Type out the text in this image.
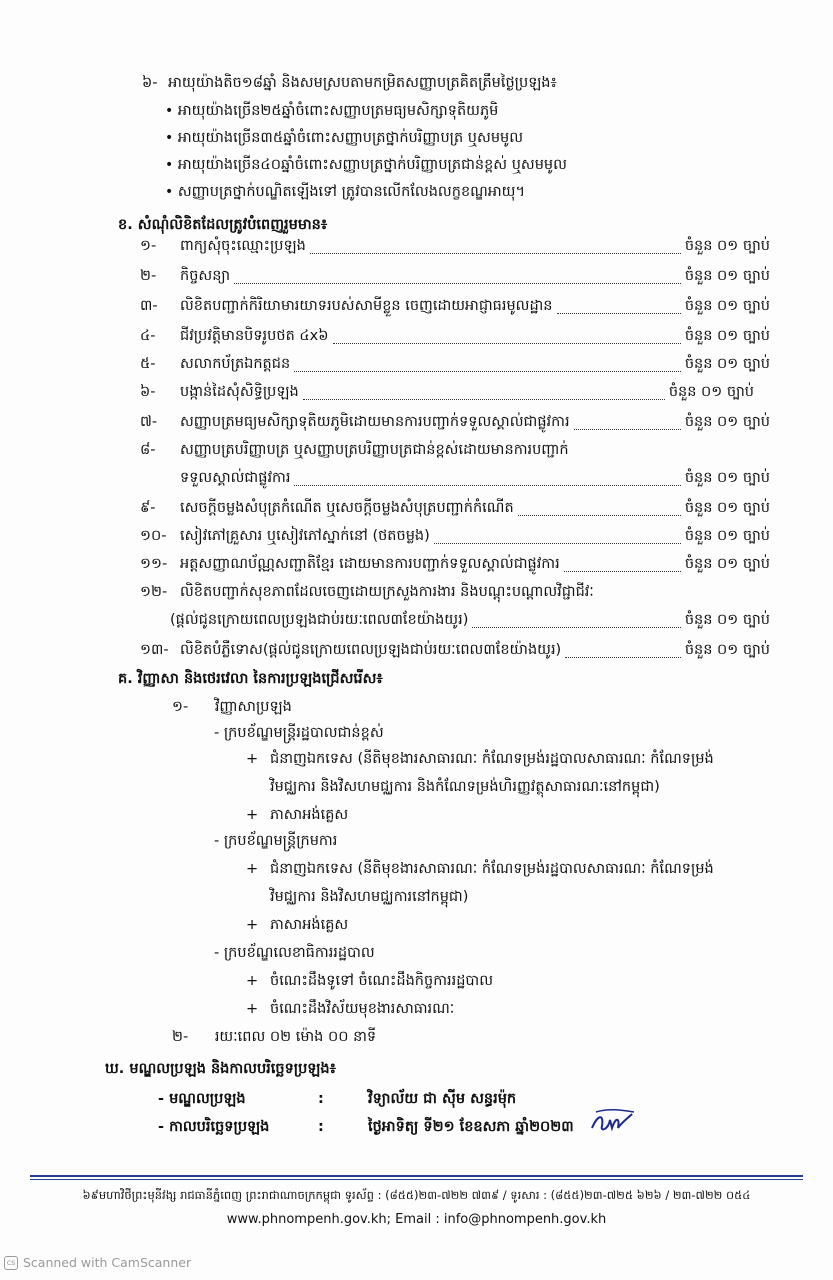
៦- អាយុយ៉ាងតិច១៨ឆ្នាំ និងសមស្របតាមកម្រិតសញ្ញាបត្រគិតត្រឹមថ្ងៃប្រឡង៖
• អាយុយ៉ាងច្រើន២៥ឆ្នាំចំពោះសញ្ញាបត្រមធ្យមសិក្សាទុតិយភូមិ
• អាយុយ៉ាងច្រើន៣៥ឆ្នាំចំពោះសញ្ញាបត្រថ្នាក់បរិញ្ញាបត្រ ឬសមមូល
• អាយុយ៉ាងច្រើន៤០ឆ្នាំចំពោះសញ្ញាបត្រថ្នាក់បរិញ្ញាបត្រជាន់ខ្ពស់ ឬសមមូល
• សញ្ញាបត្រថ្នាក់បណ្ឌិតឡើងទៅ ត្រូវបានលើកលែងលក្ខខណ្ឌអាយុ។
ខ. សំណុំលិខិតដែលត្រូវបំពេញរួមមាន៖
១-	ពាក្យសុំចុះឈ្មោះប្រឡង	ចំនួន ០១ ច្បាប់
២-	កិច្ចសន្យា	ចំនួន ០១ ច្បាប់
៣-	លិខិតបញ្ជាក់កិរិយាមារយាទរបស់សាមីខ្លួន ចេញដោយអាជ្ញាធរមូលដ្ឋាន	ចំនួន ០១ ច្បាប់
៤-	ជីវប្រវត្តិមានបិទរូបថត ៤x៦	ចំនួន ០១ ច្បាប់
៥-	សលាកប័ត្រឯកត្តជន	ចំនួន ០១ ច្បាប់
៦-	បង្កាន់ដៃសុំសិទ្ធិប្រឡង	ចំនួន ០១ ច្បាប់
៧-	សញ្ញាបត្រមធ្យមសិក្សាទុតិយភូមិដោយមានការបញ្ជាក់ទទួលស្គាល់ជាផ្លូវការ	ចំនួន ០១ ច្បាប់
៨-	សញ្ញាបត្របរិញ្ញាបត្រ ឬសញ្ញាបត្របរិញ្ញាបត្រជាន់ខ្ពស់ដោយមានការបញ្ជាក់
ទទួលស្គាល់ជាផ្លូវការ	ចំនួន ០១ ច្បាប់
៩-	សេចក្តីចម្លងសំបុត្រកំណើត ឬសេចក្តីចម្លងសំបុត្របញ្ជាក់កំណើត	ចំនួន ០១ ច្បាប់
១០- សៀវភៅគ្រួសារ ឬសៀវភៅស្នាក់នៅ (ថតចម្លង)	ចំនួន ០១ ច្បាប់
១១- អត្តសញ្ញាណប័ណ្ណសញ្ជាតិខ្មែរ ដោយមានការបញ្ជាក់ទទួលស្គាល់ជាផ្លូវការ	ចំនួន ០១ ច្បាប់
១២- លិខិតបញ្ជាក់សុខភាពដែលចេញដោយក្រសួងការងារ និងបណ្តុះបណ្តាលវិជ្ជាជីវៈ
(ផ្តល់ជូនក្រោយពេលប្រឡងជាប់រយៈពេល៣ខែយ៉ាងយូរ)	ចំនួន ០១ ច្បាប់
១៣- លិខិតបំភ្លឺទោស(ផ្តល់ជូនក្រោយពេលប្រឡងជាប់រយៈពេល៣ខែយ៉ាងយូរ)	ចំនួន ០១ ច្បាប់
គ. វិញ្ញាសា និងថេរវេលា នៃការប្រឡងជ្រើសរើស៖
១- វិញ្ញាសាប្រឡង
- ក្របខ័ណ្ឌមន្ត្រីរដ្ឋបាលជាន់ខ្ពស់
+ ជំនាញឯកទេស (នីតិមុខងារសាធារណៈ កំណែទម្រង់រដ្ឋបាលសាធារណៈ កំណែទម្រង់
វិមជ្ឈការ និងវិសហមជ្ឈការ និងកំណែទម្រង់ហិរញ្ញវត្ថុសាធារណៈនៅកម្ពុជា)
+ ភាសាអង់គ្លេស
- ក្របខ័ណ្ឌមន្ត្រីក្រមការ
+ ជំនាញឯកទេស (នីតិមុខងារសាធារណៈ កំណែទម្រង់រដ្ឋបាលសាធារណៈ កំណែទម្រង់
វិមជ្ឈការ និងវិសហមជ្ឈការនៅកម្ពុជា)
+ ភាសាអង់គ្លេស
- ក្របខ័ណ្ឌលេខាធិការរដ្ឋបាល
+ ចំណេះដឹងទូទៅ ចំណេះដឹងកិច្ចការរដ្ឋបាល
+ ចំណេះដឹងវិស័យមុខងារសាធារណៈ
២- រយៈពេល ០២ ម៉ោង ០០ នាទី
ឃ. មណ្ឌលប្រឡង និងកាលបរិច្ឆេទប្រឡង៖
- មណ្ឌលប្រឡង	:	វិទ្យាល័យ ជា ស៊ីម សន្ធរម៉ុក
- កាលបរិច្ឆេទប្រឡង	:	ថ្ងៃអាទិត្យ ទី២១ ខែឧសភា ឆ្នាំ២០២៣
៦៩មហាវិថីព្រះមុនីវង្ស រាជធានីភ្នំពេញ ព្រះរាជាណាចក្រកម្ពុជា ទូរស័ព្ទ : (៨៥៥)២៣-៧២២ ៧៣៩ / ទូរសារ : (៨៥៥)២៣-៧២៥ ៦២៦ / ២៣-៧២២ ០៥៤
www.phnompenh.gov.kh; Email : info@phnompenh.gov.kh
cs Scanned with CamScanner
